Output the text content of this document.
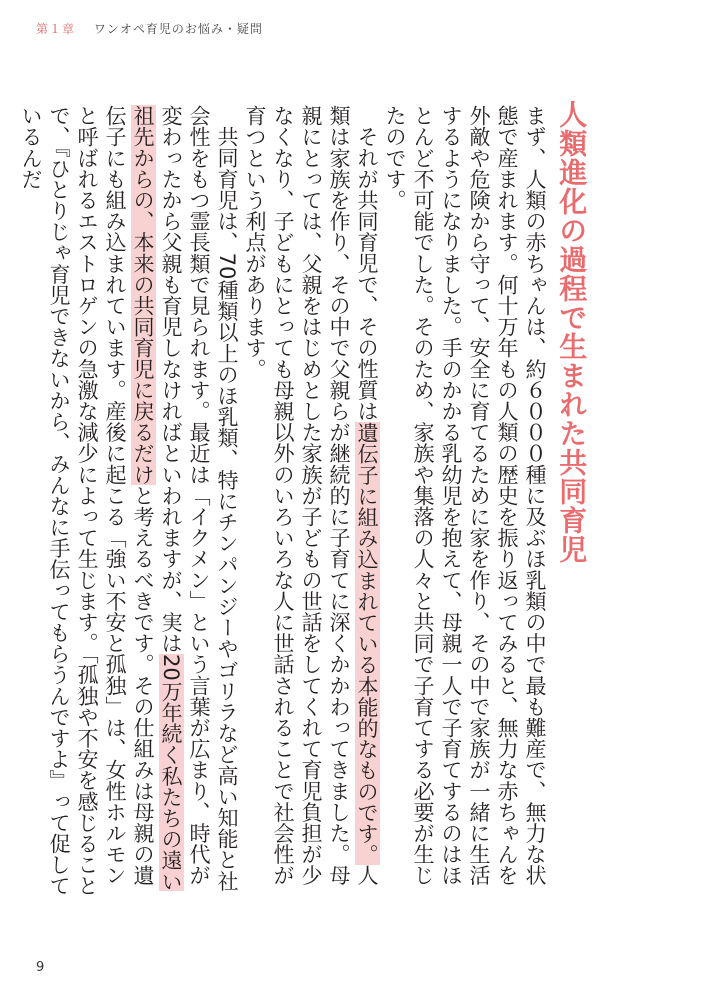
第１章 ワンオペ育児のお悩み・疑問
人類進化の過程で生まれた共同育児

まず、人類の赤ちゃんは、約６０００種に及ぶほ乳類の中で最も難産で、無力な状態で産まれます。何十万年もの人類の歴史を振り返ってみると、無力な赤ちゃんを外敵や危険から守って、安全に育てるために家を作り、その中で家族が一緒に生活するようになりました。手のかかる乳幼児を抱えて、母親一人で子育てするのはほとんど不可能でした。そのため、家族や集落の人々と共同で子育てする必要が生じたのです。

それが共同育児で、その性質は遺伝子に組み込まれている本能的なものです。人類は家族を作り、その中で父親らが継続的に子育てに深くかかわってきました。母親にとっては、父親をはじめとした家族が子どもの世話をしてくれて育児負担が少なくなり、子どもにとっても母親以外のいろいろな人に世話されることで社会性が育つという利点があります。

共同育児は、70種類以上のほ乳類、特にチンパンジーやゴリラなど高い知能と社会性をもつ霊長類で見られます。最近は「イクメン」という言葉が広まり、時代が変わったから父親も育児しなければといわれますが、実は20万年続く私たちの遠い祖先からの、本来の共同育児に戻るだけと考えるべきです。その仕組みは母親の遺伝子にも組み込まれています。産後に起こる「強い不安と孤独」は、女性ホルモンと呼ばれるエストロゲンの急激な減少によって生じます。「孤独や不安を感じることで、『ひとりじゃ育児できないから、みんなに手伝ってもらうんですよ』って促しているんだ

9
